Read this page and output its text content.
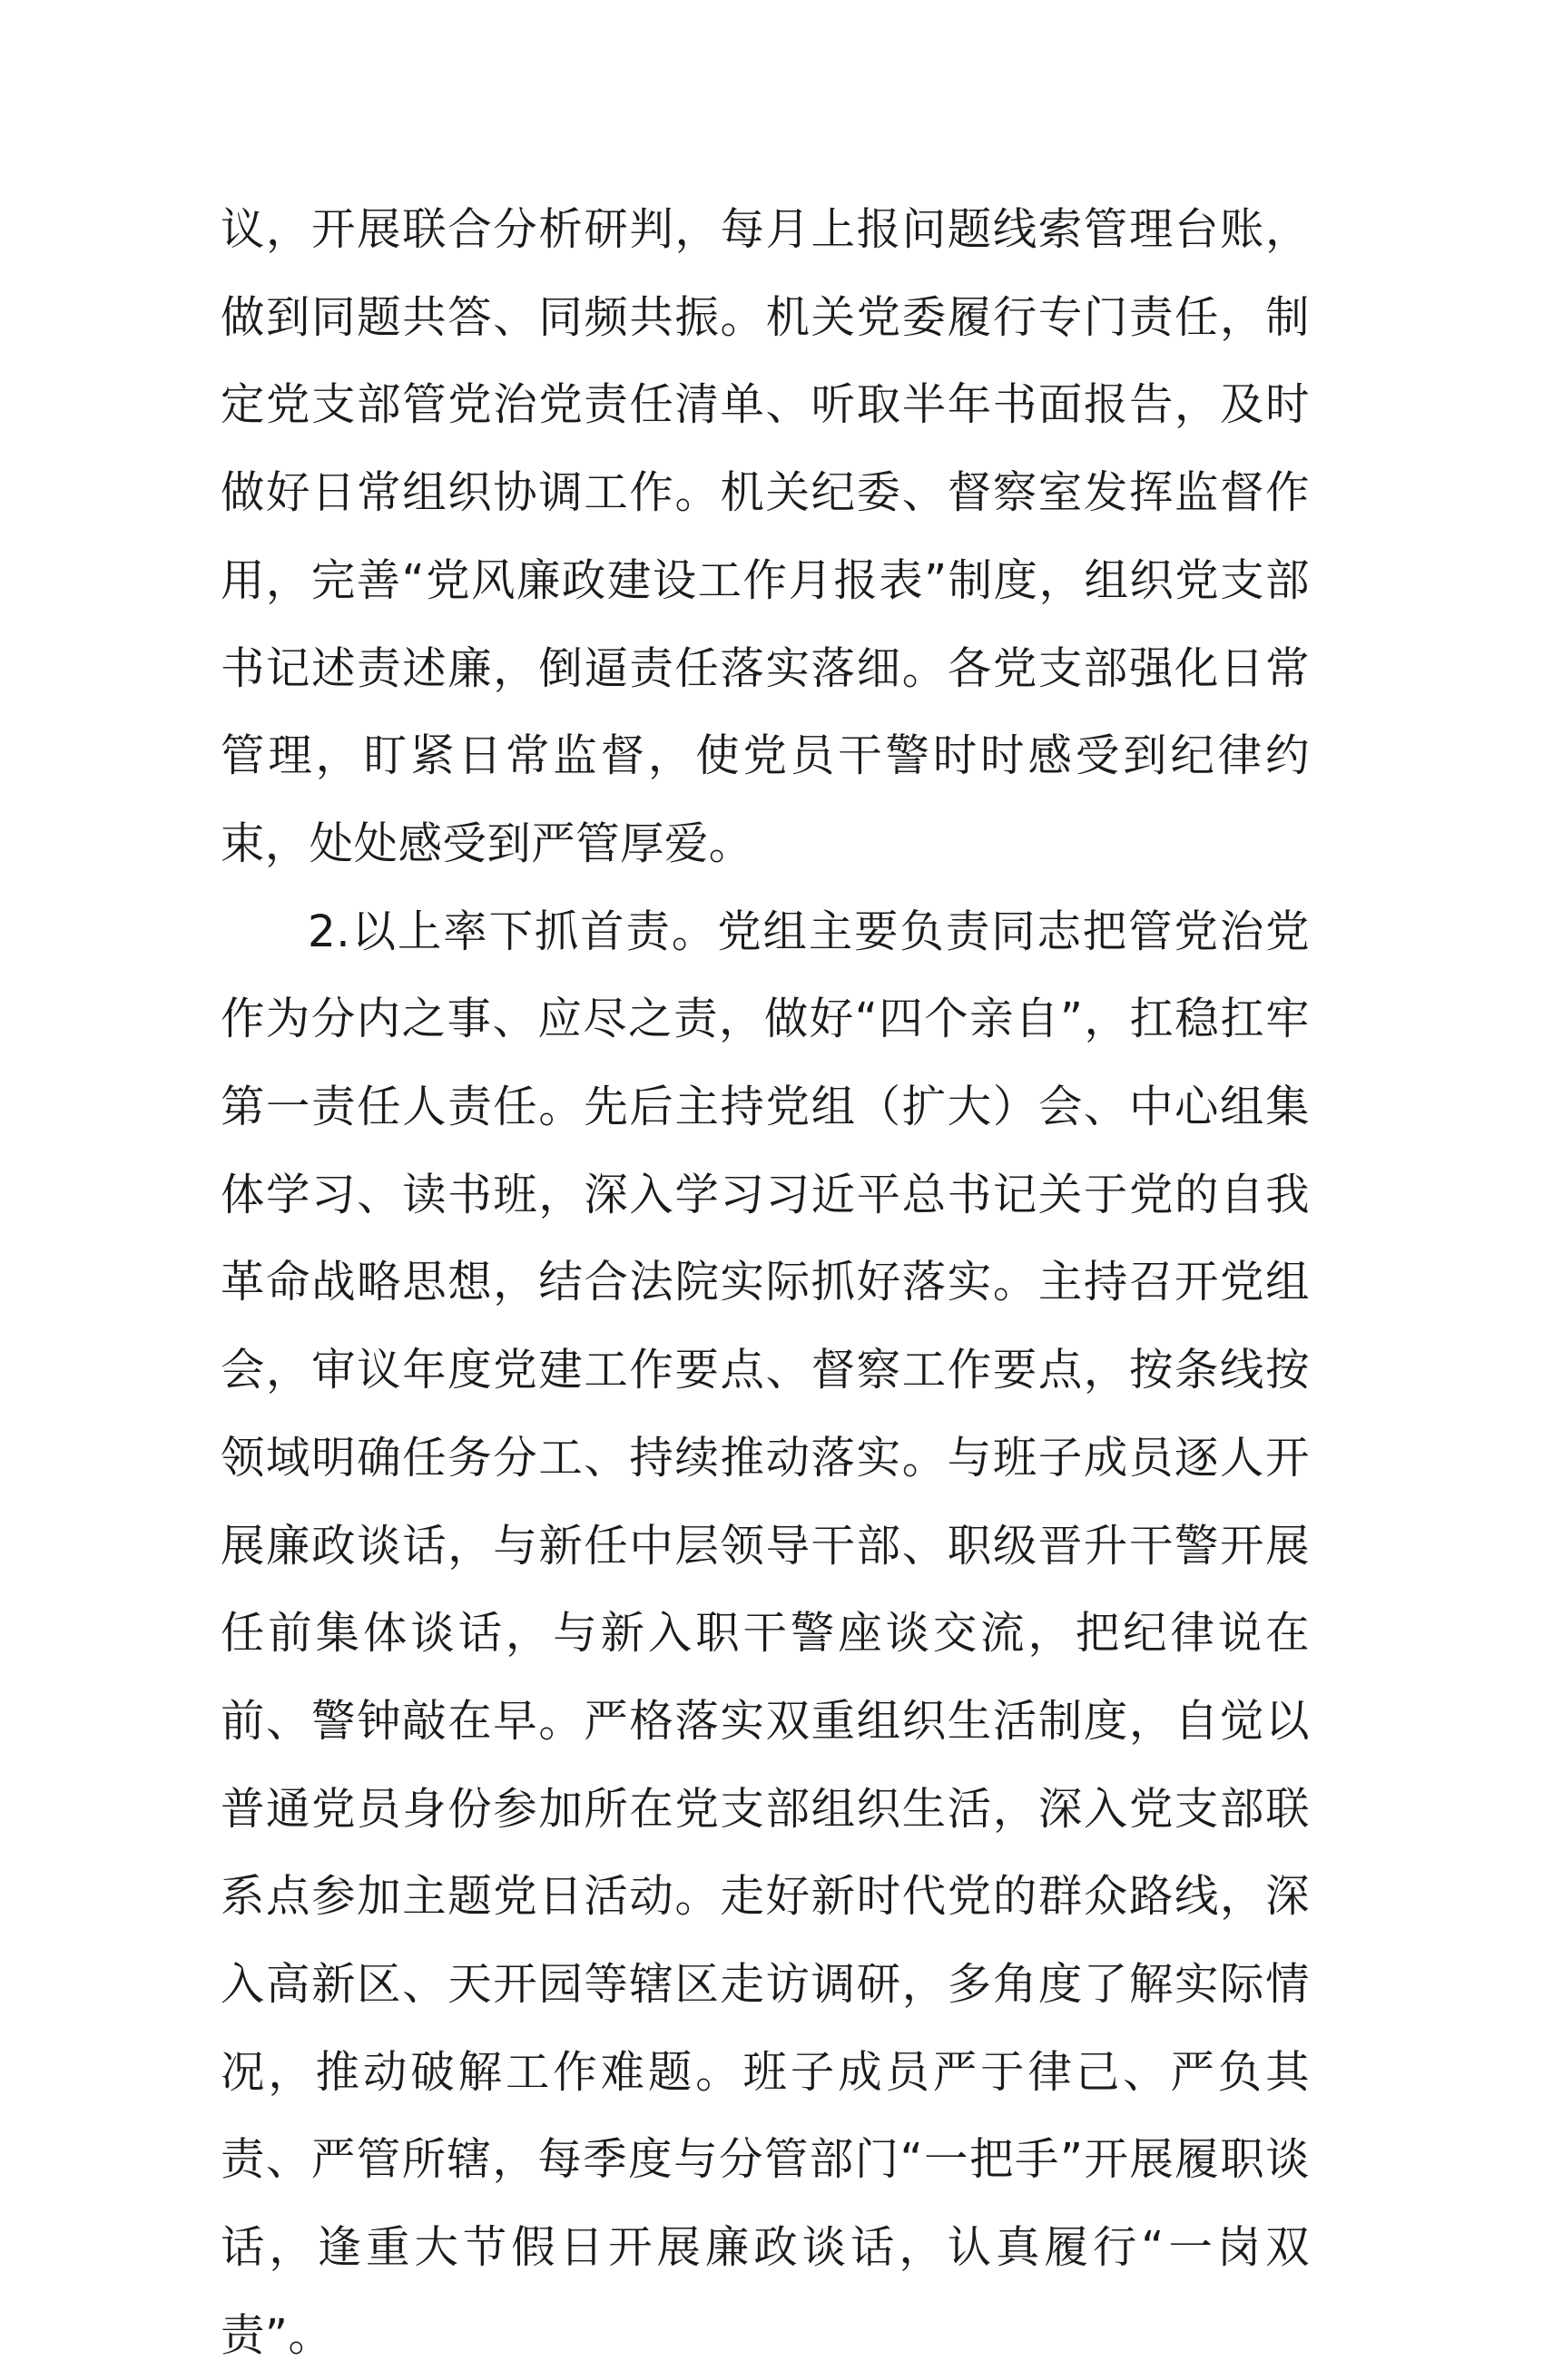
议，开展联合分析研判，每月上报问题线索管理台账，做到同题共答、同频共振。机关党委履行专门责任，制定党支部管党治党责任清单、听取半年书面报告，及时做好日常组织协调工作。机关纪委、督察室发挥监督作用，完善“党风廉政建设工作月报表”制度，组织党支部书记述责述廉，倒逼责任落实落细。各党支部强化日常管理，盯紧日常监督，使党员干警时时感受到纪律约束，处处感受到严管厚爱。

2.以上率下抓首责。党组主要负责同志把管党治党作为分内之事、应尽之责，做好“四个亲自”，扛稳扛牢第一责任人责任。先后主持党组（扩大）会、中心组集体学习、读书班，深入学习习近平总书记关于党的自我革命战略思想，结合法院实际抓好落实。主持召开党组会，审议年度党建工作要点、督察工作要点，按条线按领域明确任务分工、持续推动落实。与班子成员逐人开展廉政谈话，与新任中层领导干部、职级晋升干警开展任前集体谈话，与新入职干警座谈交流，把纪律说在前、警钟敲在早。严格落实双重组织生活制度，自觉以普通党员身份参加所在党支部组织生活，深入党支部联系点参加主题党日活动。走好新时代党的群众路线，深入高新区、天开园等辖区走访调研，多角度了解实际情况，推动破解工作难题。班子成员严于律己、严负其责、严管所辖，每季度与分管部门“一把手”开展履职谈话，逢重大节假日开展廉政谈话，认真履行“一岗双责”。
